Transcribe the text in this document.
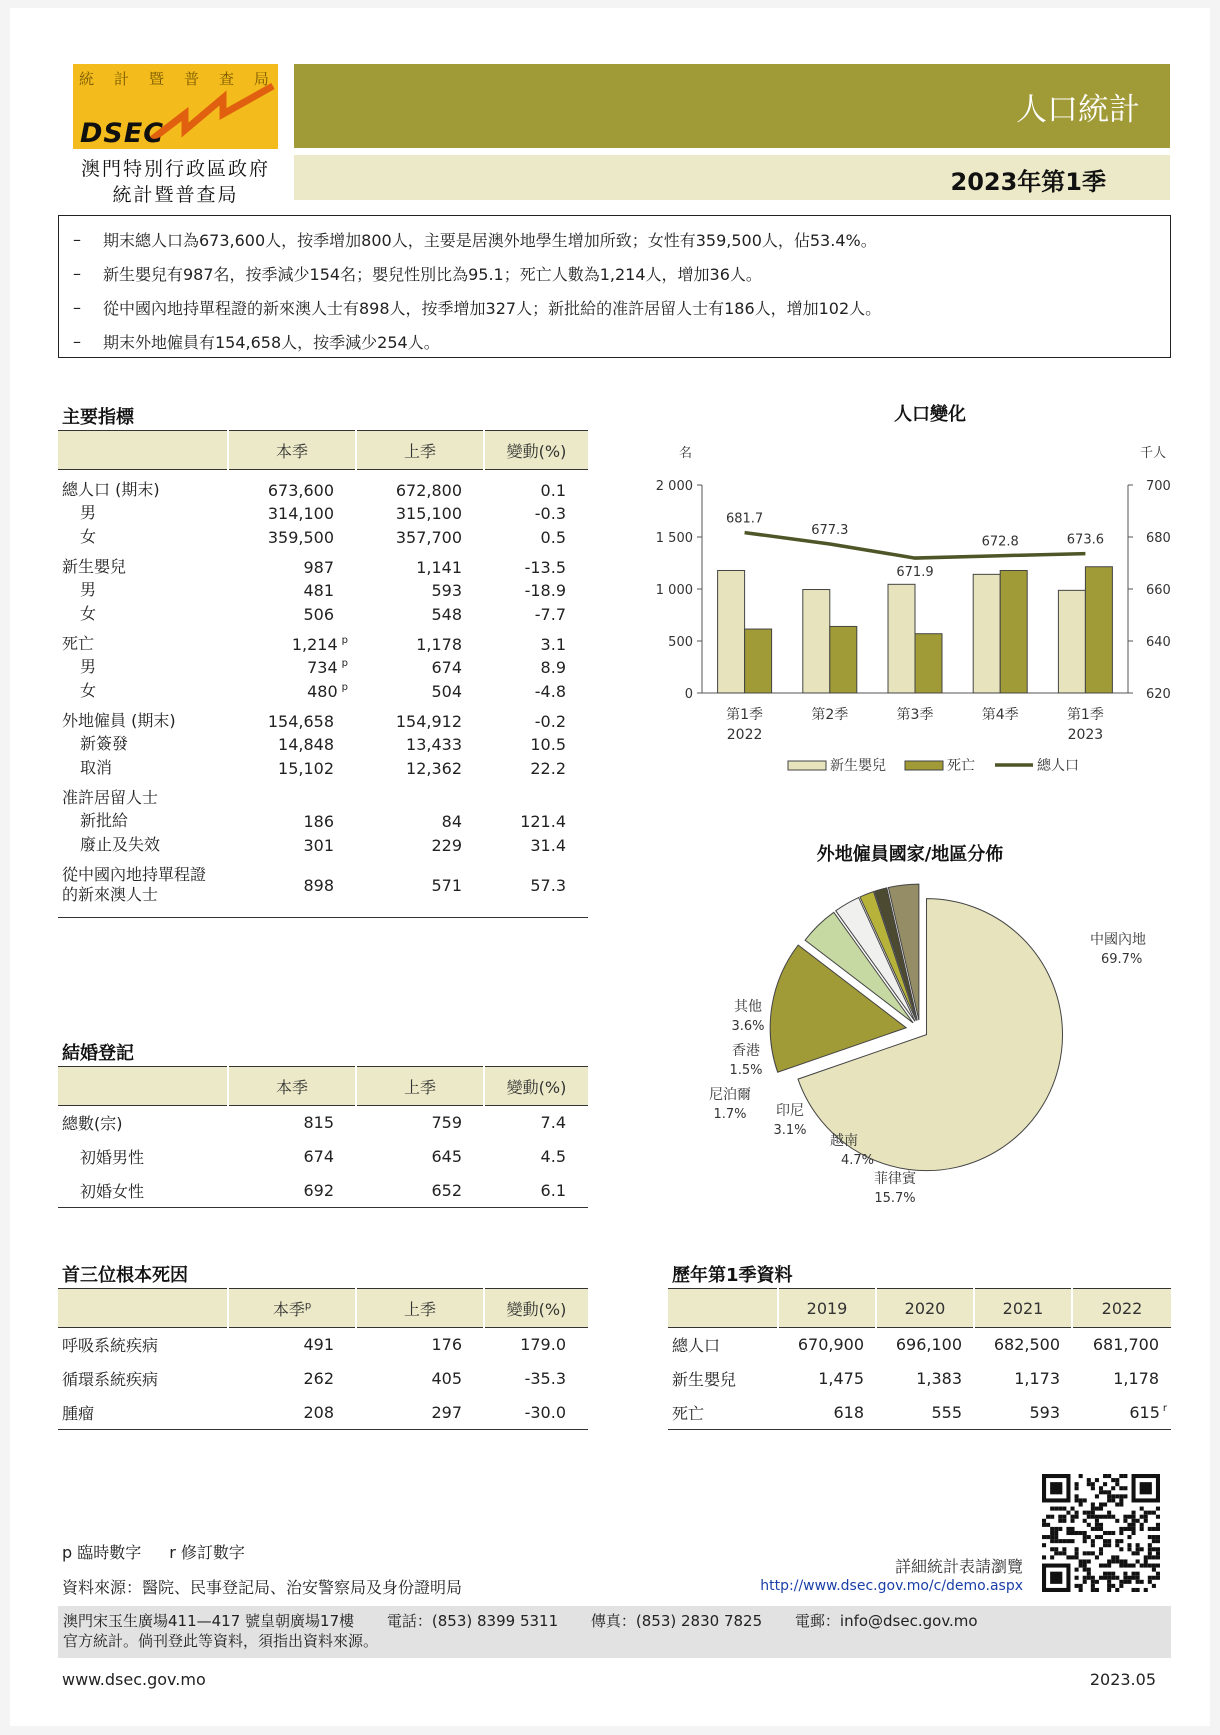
統 計 暨 普 查 局
DSEC
澳門特別行政區政府
統計暨普查局
人口統計
2023年第1季
–	期末總人口為673,600人，按季增加800人，主要是居澳外地學生增加所致；女性有359,500人，佔53.4%。
–	新生嬰兒有987名，按季減少154名；嬰兒性別比為95.1；死亡人數為1,214人，增加36人。
–	從中國內地持單程證的新來澳人士有898人，按季增加327人；新批給的准許居留人士有186人，增加102人。
–	期末外地僱員有154,658人，按季減少254人。
主要指標
	本季	上季	變動(%)
總人口 (期末)	673,600	672,800	0.1
男	314,100	315,100	-0.3
女	359,500	357,700	0.5
新生嬰兒	987	1,141	-13.5
男	481	593	-18.9
女	506	548	-7.7
死亡	1,214 $^p$	1,178	3.1
男	734 $^p$	674	8.9
女	480 $^p$	504	-4.8
外地僱員 (期末)	154,658	154,912	-0.2
新簽發	14,848	13,433	10.5
取消	15,102	12,362	22.2
准許居留人士			
新批給	186	84	121.4
廢止及失效	301	229	31.4
從中國內地持單程證
的新來澳人士	898	571	57.3
結婚登記
	本季	上季	變動(%)
總數(宗)	815	759	7.4
初婚男性	674	645	4.5
初婚女性	692	652	6.1
首三位根本死因
	本季$^p$	上季	變動(%)
呼吸系統疾病	491	176	179.0
循環系統疾病	262	405	-35.3
腫瘤	208	297	-30.0
歷年第1季資料
	2019	2020	2021	2022
總人口	670,900	696,100	682,500	681,700
新生嬰兒	1,475	1,383	1,173	1,178
死亡	618	555	593	615 $^r$
人口變化
名	千人
0
500
1 000
1 500
2 000
620
640
660
680
700
第1季
2022
第2季	第3季	第4季	第1季
2023
681.7
677.3
671.9
672.8	673.6
新生嬰兒	死亡	總人口
外地僱員國家/地區分佈
中國內地
69.7%
菲律賓
15.7%
越南
4.7%
印尼
3.1%
尼泊爾
1.7%
香港
1.5%
其他
3.6%
p 臨時數字 r 修訂數字
資料來源：醫院、民事登記局、治安警察局及身份證明局
詳細統計表請瀏覽
http://www.dsec.gov.mo/c/demo.aspx
澳門宋玉生廣場411—417 號皇朝廣場17樓 電話：(853) 8399 5311 傳真：(853) 2830 7825 電郵：info@dsec.gov.mo
官方統計。倘刊登此等資料，須指出資料來源。
www.dsec.gov.mo	2023.05
